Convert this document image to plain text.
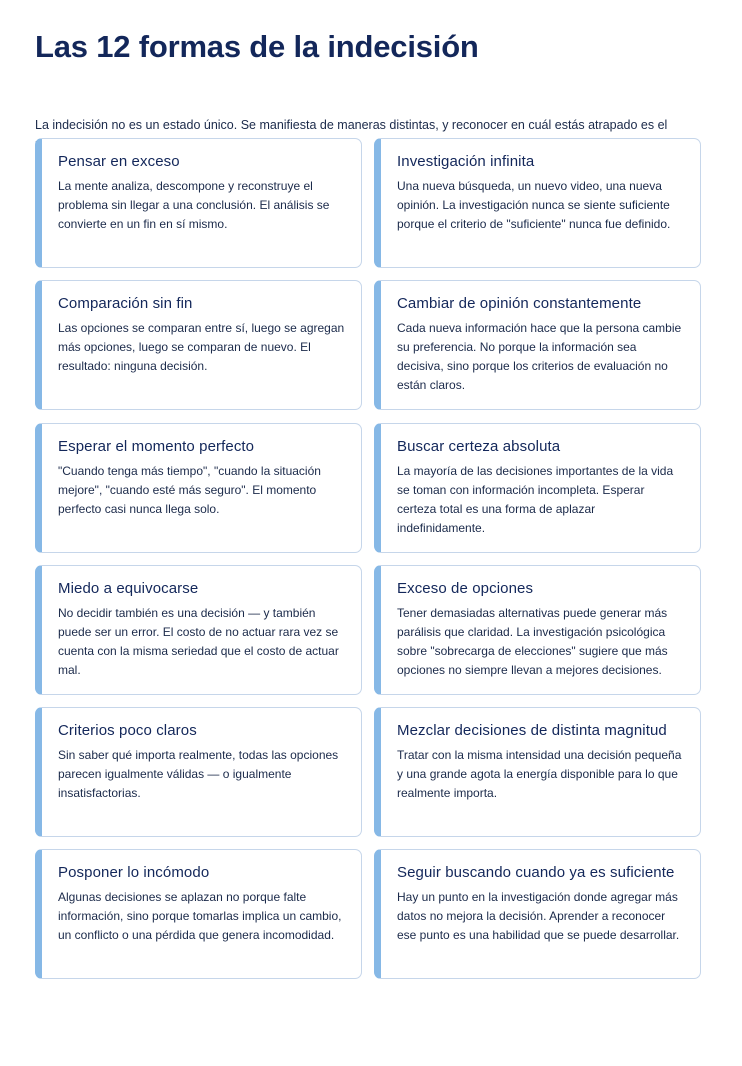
Las 12 formas de la indecisión

La indecisión no es un estado único. Se manifiesta de maneras distintas, y reconocer en cuál estás atrapado es el

Pensar en exceso

La mente analiza, descompone y reconstruye el problema sin llegar a una conclusión. El análisis se convierte en un fin en sí mismo.

Investigación infinita

Una nueva búsqueda, un nuevo video, una nueva opinión. La investigación nunca se siente suficiente porque el criterio de "suficiente" nunca fue definido.

Comparación sin fin

Las opciones se comparan entre sí, luego se agregan más opciones, luego se comparan de nuevo. El resultado: ninguna decisión.

Cambiar de opinión constantemente

Cada nueva información hace que la persona cambie su preferencia. No porque la información sea decisiva, sino porque los criterios de evaluación no están claros.

Esperar el momento perfecto

"Cuando tenga más tiempo", "cuando la situación mejore", "cuando esté más seguro". El momento perfecto casi nunca llega solo.

Buscar certeza absoluta

La mayoría de las decisiones importantes de la vida se toman con información incompleta. Esperar certeza total es una forma de aplazar indefinidamente.

Miedo a equivocarse

No decidir también es una decisión — y también puede ser un error. El costo de no actuar rara vez se cuenta con la misma seriedad que el costo de actuar mal.

Exceso de opciones

Tener demasiadas alternativas puede generar más parálisis que claridad. La investigación psicológica sobre "sobrecarga de elecciones" sugiere que más opciones no siempre llevan a mejores decisiones.

Criterios poco claros

Sin saber qué importa realmente, todas las opciones parecen igualmente válidas — o igualmente insatisfactorias.

Mezclar decisiones de distinta magnitud

Tratar con la misma intensidad una decisión pequeña y una grande agota la energía disponible para lo que realmente importa.

Posponer lo incómodo

Algunas decisiones se aplazan no porque falte información, sino porque tomarlas implica un cambio, un conflicto o una pérdida que genera incomodidad.

Seguir buscando cuando ya es suficiente

Hay un punto en la investigación donde agregar más datos no mejora la decisión. Aprender a reconocer ese punto es una habilidad que se puede desarrollar.
